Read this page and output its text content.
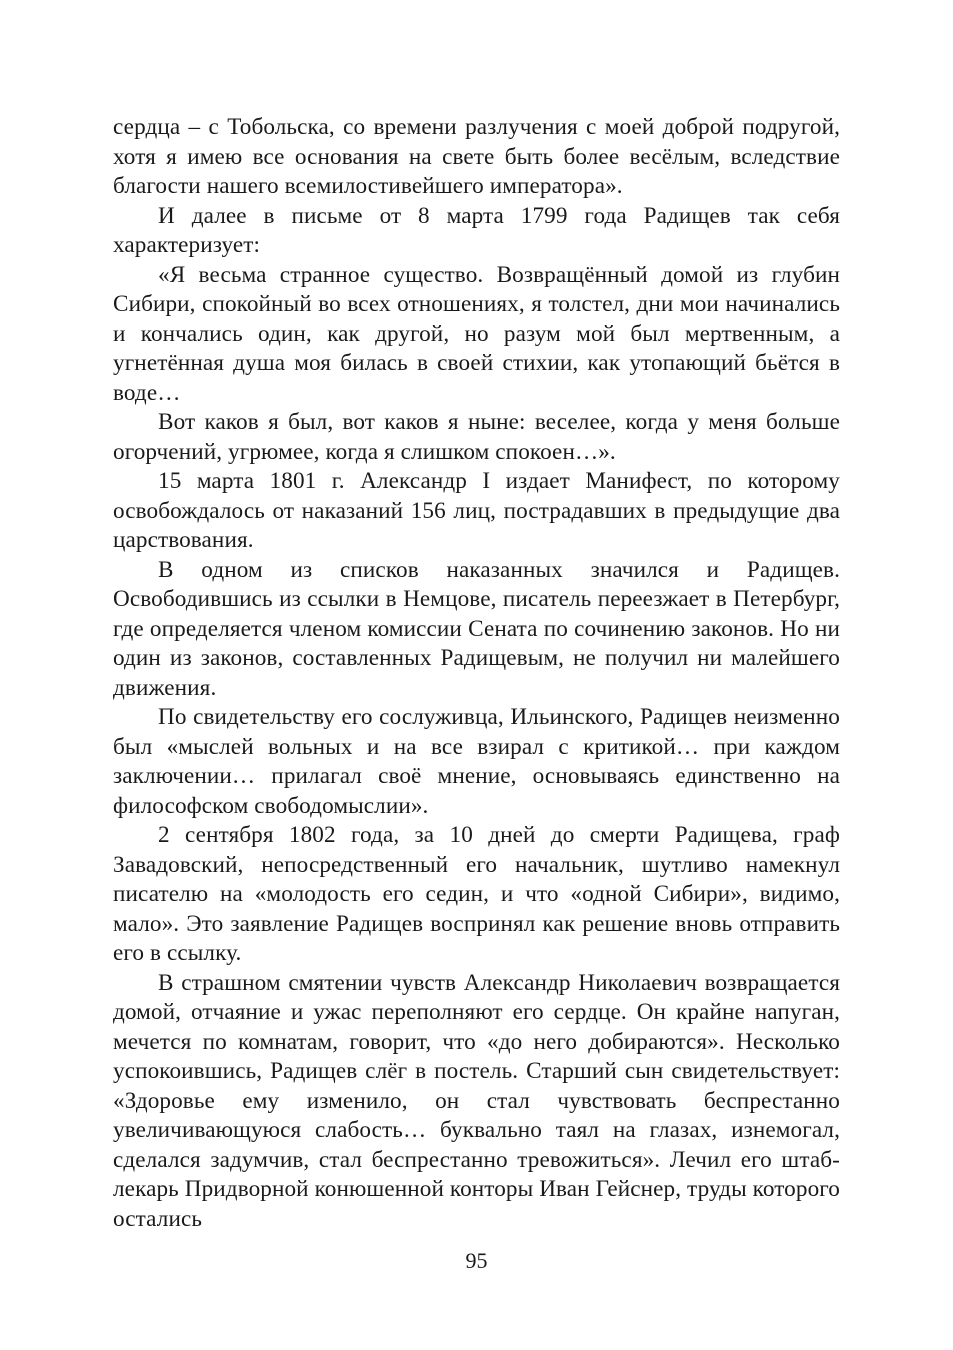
сердца – с Тобольска, со времени разлучения с моей доброй подругой, хотя я имею все основания на свете быть более весёлым, вследствие благости нашего всемилостивейшего императора».

И далее в письме от 8 марта 1799 года Радищев так себя характеризует:

«Я весьма странное существо. Возвращённый домой из глубин Сибири, спокойный во всех отношениях, я толстел, дни мои начинались и кончались один, как другой, но разум мой был мертвенным, а угнетённая душа моя билась в своей стихии, как утопающий бьётся в воде…

Вот каков я был, вот каков я ныне: веселее, когда у меня больше огорчений, угрюмее, когда я слишком спокоен…».

15 марта 1801 г. Александр I издает Манифест, по которому освобождалось от наказаний 156 лиц, пострадавших в предыдущие два царствования.

В одном из списков наказанных значился и Радищев. Освободившись из ссылки в Немцове, писатель переезжает в Петербург, где определяется членом комиссии Сената по сочинению законов. Но ни один из законов, составленных Радищевым, не получил ни малейшего движения.

По свидетельству его сослуживца, Ильинского, Радищев неизменно был «мыслей вольных и на все взирал с критикой… при каждом заключении… прилагал своё мнение, основываясь единственно на философском свободомыслии».

2 сентября 1802 года, за 10 дней до смерти Радищева, граф Завадовский, непосредственный его начальник, шутливо намекнул писателю на «молодость его седин, и что «одной Сибири», видимо, мало». Это заявление Радищев воспринял как решение вновь отправить его в ссылку.

В страшном смятении чувств Александр Николаевич возвращается домой, отчаяние и ужас переполняют его сердце. Он крайне напуган, мечется по комнатам, говорит, что «до него добираются». Несколько успокоившись, Радищев слёг в постель. Старший сын свидетельствует: «Здоровье ему изменило, он стал чувствовать беспрестанно увеличивающуюся слабость… буквально таял на глазах, изнемогал, сделался задумчив, стал беспрестанно тревожиться». Лечил его штаб-лекарь Придворной конюшенной конторы Иван Гейснер, труды которого остались

95
